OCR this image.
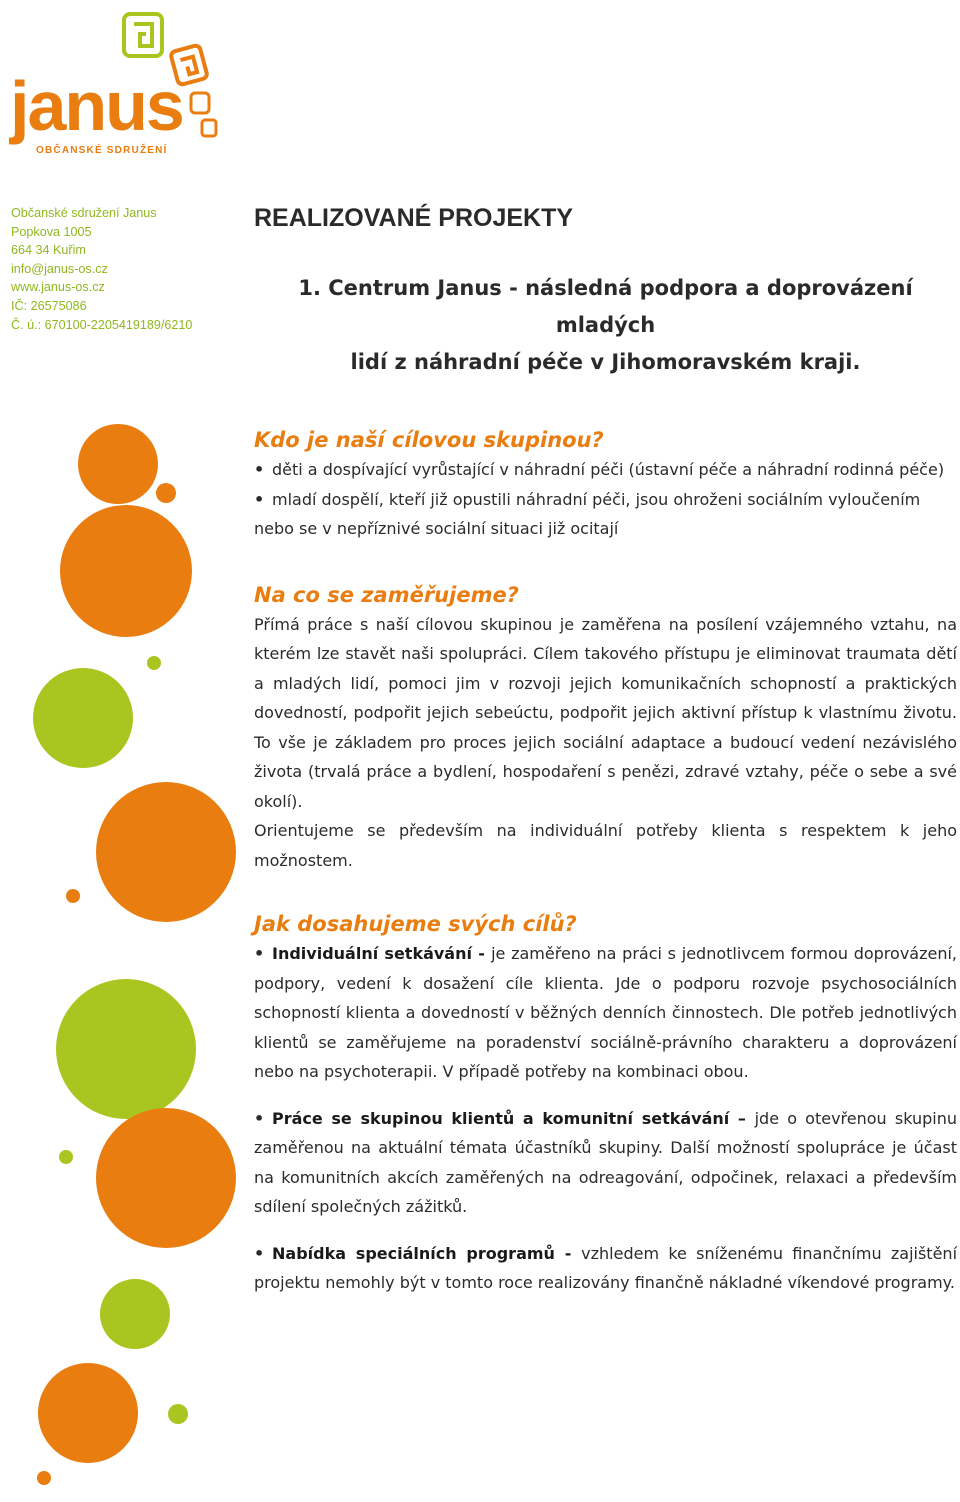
janus
OBČANSKÉ SDRUŽENÍ
Občanské sdružení Janus
Popkova 1005
664 34 Kuřim
info@janus-os.cz
www.janus-os.cz
IČ: 26575086
Č. ú.: 670100-2205419189/6210
REALIZOVANÉ PROJEKTY
1. Centrum Janus - následná podpora a doprovázení mladých
lidí z náhradní péče v Jihomoravském kraji.
Kdo je naší cílovou skupinou?

• děti a dospívající vyrůstající v náhradní péči (ústavní péče a náhradní rodinná péče)

• mladí dospělí, kteří již opustili náhradní péči, jsou ohroženi sociálním vyloučením nebo se v nepříznivé sociální situaci již ocitají

Na co se zaměřujeme?

Přímá práce s naší cílovou skupinou je zaměřena na posílení vzájemného vztahu, na kterém lze stavět naši spolupráci. Cílem takového přístupu je eliminovat traumata dětí a mladých lidí, pomoci jim v rozvoji jejich komunikačních schopností a praktických dovedností, podpořit jejich sebeúctu, podpořit jejich aktivní přístup k vlastnímu životu. To vše je základem pro proces jejich sociální adaptace a budoucí vedení nezávislého života (trvalá práce a bydlení, hospodaření s penězi, zdravé vztahy, péče o sebe a své okolí).

Orientujeme se především na individuální potřeby klienta s respektem k jeho možnostem.

Jak dosahujeme svých cílů?

• Individuální setkávání - je zaměřeno na práci s jednotlivcem formou doprovázení, podpory, vedení k dosažení cíle klienta. Jde o podporu rozvoje psychosociálních schopností klienta a dovedností v běžných denních činnostech. Dle potřeb jednotlivých klientů se zaměřujeme na poradenství sociálně-právního charakteru a doprovázení nebo na psychoterapii. V případě potřeby na kombinaci obou.

• Práce se skupinou klientů a komunitní setkávání – jde o otevřenou skupinu zaměřenou na aktuální témata účastníků skupiny. Další možností spolupráce je účast na komunitních akcích zaměřených na odreagování, odpočinek, relaxaci a především sdílení společných zážitků.

• Nabídka speciálních programů - vzhledem ke sníženému finančnímu zajištění projektu nemohly být v tomto roce realizovány finančně nákladné víkendové programy.
